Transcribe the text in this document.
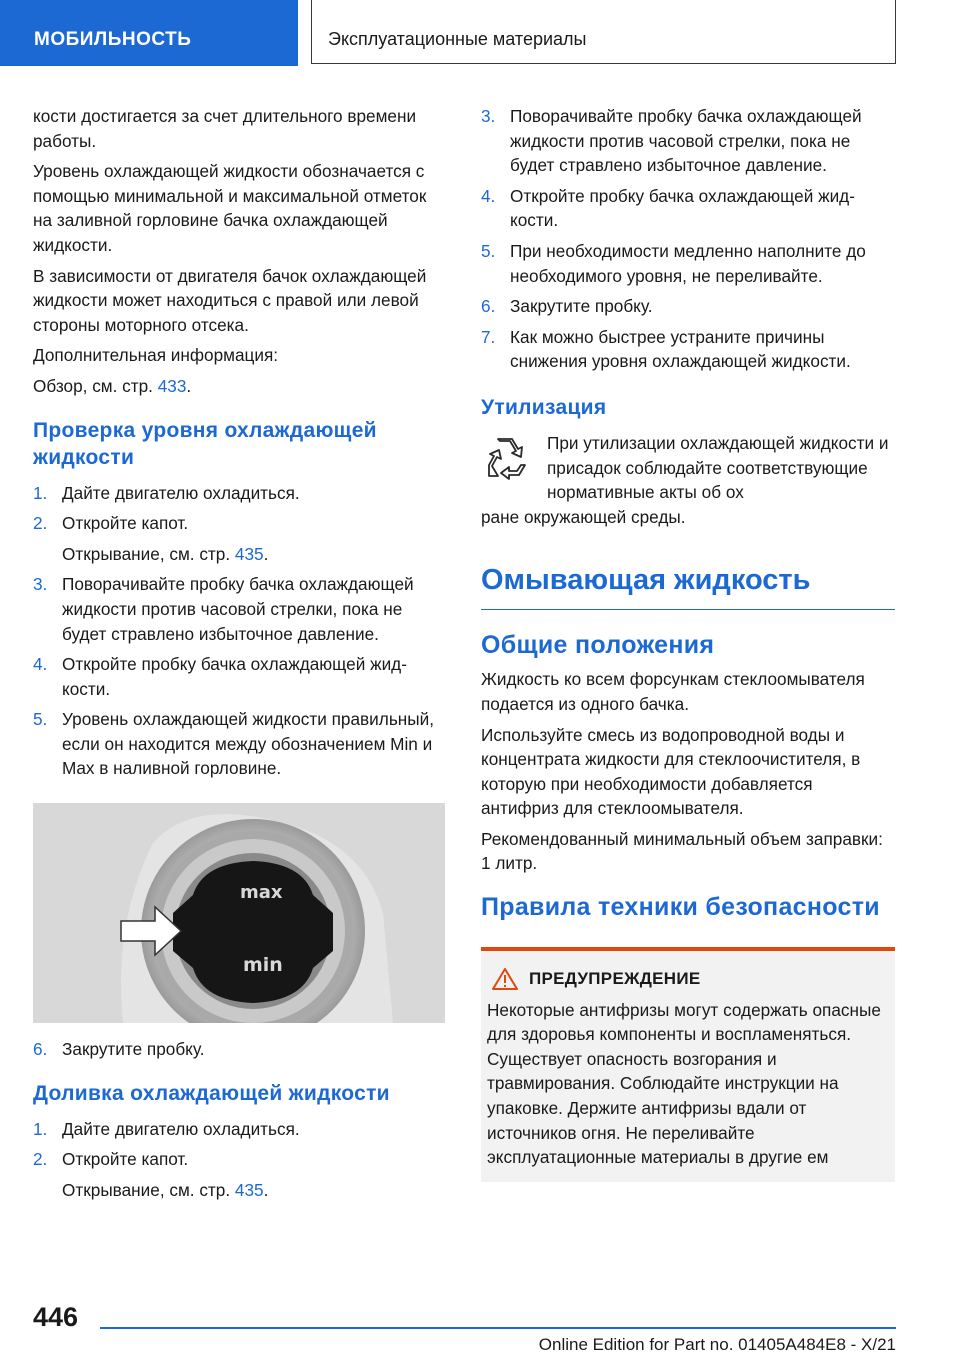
МОБИЛЬНОСТЬ	Эксплуатационные материалы

кости достигается за счет длительного времени работы.

Уровень охлаждающей жидкости обозначается с помощью минимальной и максимальной отметок на заливной горловине бачка охлаждающей жидкости.

В зависимости от двигателя бачок охлаждающей жидкости может находиться с правой или левой стороны моторного отсека.

Дополнительная информация:

Обзор, см. стр. 433.

Проверка уровня охлаждающей жидкости
1. Дайте двигателю охладиться.
2. Откройте капот.
Открывание, см. стр. 435.
3. Поворачивайте пробку бачка охлаждающей жидкости против часовой стрелки, пока не будет стравлено избыточное давление.
4. Откройте пробку бачка охлаждающей жидкости.
5. Уровень охлаждающей жидкости правильный, если он находится между обозначением Min и Max в наливной горловине.
max
min
6. Закрутите пробку.
Доливка охлаждающей жидкости
1. Дайте двигателю охладиться.
2. Откройте капот.
Открывание, см. стр. 435.
3. Поворачивайте пробку бачка охлаждающей жидкости против часовой стрелки, пока не будет стравлено избыточное давление.
4. Откройте пробку бачка охлаждающей жидкости.
5. При необходимости медленно наполните до необходимого уровня, не переливайте.
6. Закрутите пробку.
7. Как можно быстрее устраните причины снижения уровня охлаждающей жидкости.
Утилизация

При утилизации охлаждающей жидкости и присадок соблюдайте соответствующие нормативные акты об ох

ране окружающей среды.

Омывающая жидкость
Общие положения

Жидкость ко всем форсункам стеклоомывателя подается из одного бачка.

Используйте смесь из водопроводной воды и концентрата жидкости для стеклоочистителя, в которую при необходимости добавляется антифриз для стеклоомывателя.

Рекомендованный минимальный объем заправки: 1 литр.

Правила техники безопасности
ПРЕДУПРЕЖДЕНИЕ

Некоторые антифризы могут содержать опасные для здоровья компоненты и воспламеняться. Существует опасность возгорания и травмирования. Соблюдайте инструкции на упаковке. Держите антифризы вдали от источников огня. Не переливайте эксплуатационные материалы в другие ем

446
Online Edition for Part no. 01405A484E8 - X/21
